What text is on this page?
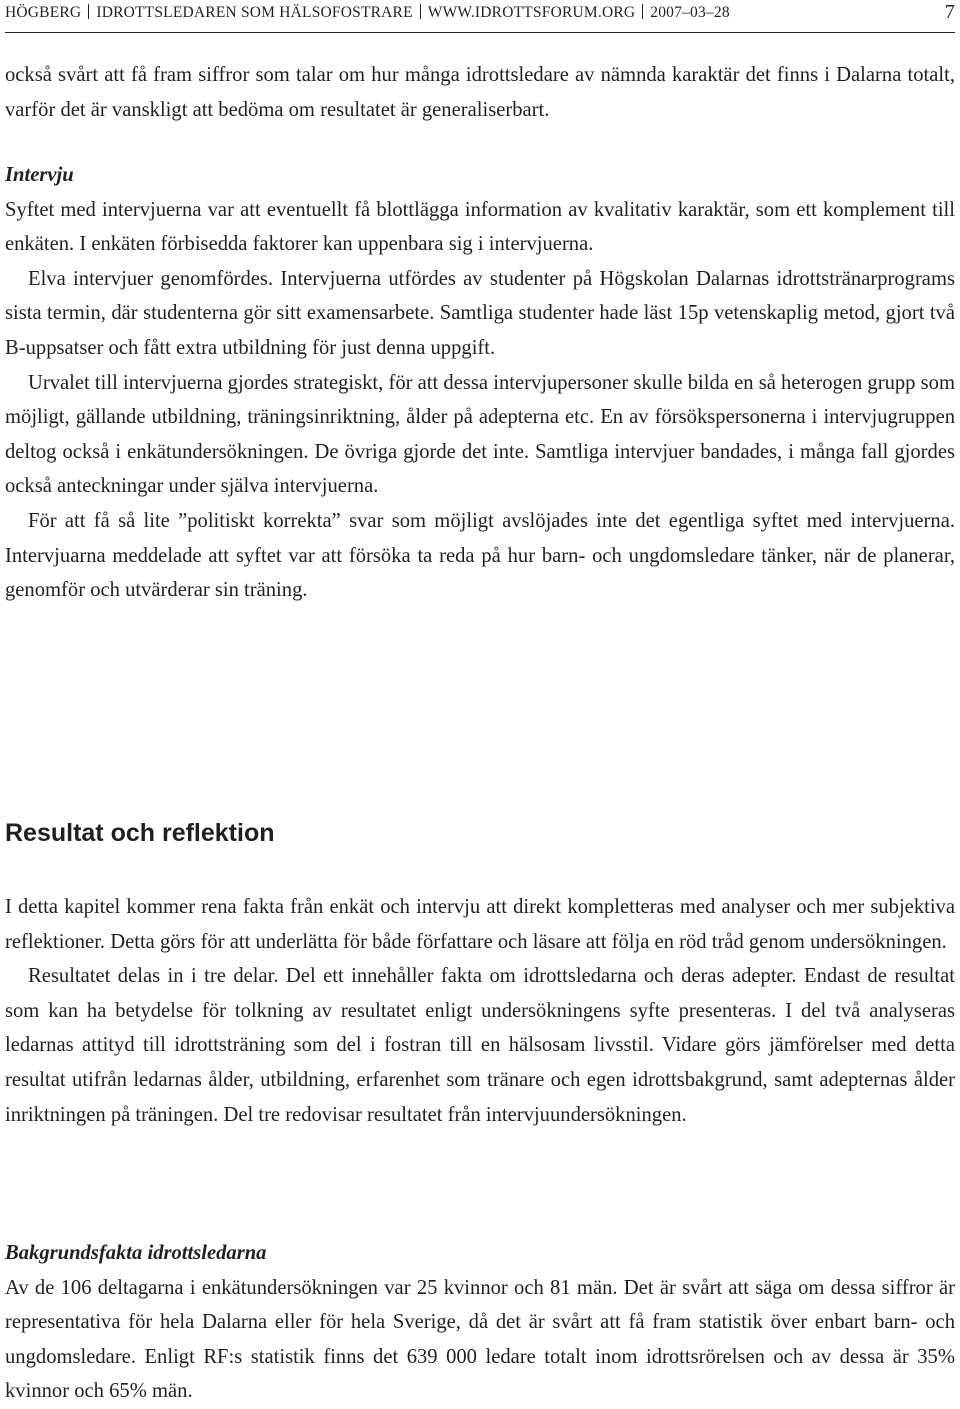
HÖGBERG IDROTTSLEDAREN SOM HÄLSOFOSTRARE WWW.IDROTTSFORUM.ORG 2007–03–28	7

också svårt att få fram siffror som talar om hur många idrottsledare av nämnda karaktär det finns i Dalarna totalt, varför det är vanskligt att bedöma om resultatet är generaliserbart.

Intervju

Syftet med intervjuerna var att eventuellt få blottlägga information av kvalitativ karaktär, som ett komplement till enkäten. I enkäten förbisedda faktorer kan uppenbara sig i intervjuerna.

Elva intervjuer genomfördes. Intervjuerna utfördes av studenter på Högskolan Dalarnas idrottstränarprograms sista termin, där studenterna gör sitt examensarbete. Samtliga studenter hade läst 15p vetenskaplig metod, gjort två B-uppsatser och fått extra utbildning för just denna uppgift.

Urvalet till intervjuerna gjordes strategiskt, för att dessa intervjupersoner skulle bilda en så heterogen grupp som möjligt, gällande utbildning, träningsinriktning, ålder på adepterna etc. En av försökspersonerna i intervjugruppen deltog också i enkätundersökningen. De övriga gjorde det inte. Samtliga intervjuer bandades, i många fall gjordes också anteckningar under själva intervjuerna.

För att få så lite ”politiskt korrekta” svar som möjligt avslöjades inte det egentliga syftet med intervjuerna. Intervjuarna meddelade att syftet var att försöka ta reda på hur barn- och ungdomsledare tänker, när de planerar, genomför och utvärderar sin träning.

Resultat och reflektion

I detta kapitel kommer rena fakta från enkät och intervju att direkt kompletteras med analyser och mer subjektiva reflektioner. Detta görs för att underlätta för både författare och läsare att följa en röd tråd genom undersökningen.

Resultatet delas in i tre delar. Del ett innehåller fakta om idrottsledarna och deras adepter. Endast de resultat som kan ha betydelse för tolkning av resultatet enligt undersökningens syfte presenteras. I del två analyseras ledarnas attityd till idrottsträning som del i fostran till en hälsosam livsstil. Vidare görs jämförelser med detta resultat utifrån ledarnas ålder, utbildning, erfarenhet som tränare och egen idrottsbakgrund, samt adepternas ålder inriktningen på träningen. Del tre redovisar resultatet från intervjuundersökningen.

Bakgrundsfakta idrottsledarna

Av de 106 deltagarna i enkätundersökningen var 25 kvinnor och 81 män. Det är svårt att säga om dessa siffror är representativa för hela Dalarna eller för hela Sverige, då det är svårt att få fram statistik över enbart barn- och ungdomsledare. Enligt RF:s statistik finns det 639 000 ledare totalt inom idrottsrörelsen och av dessa är 35% kvinnor och 65% män.
